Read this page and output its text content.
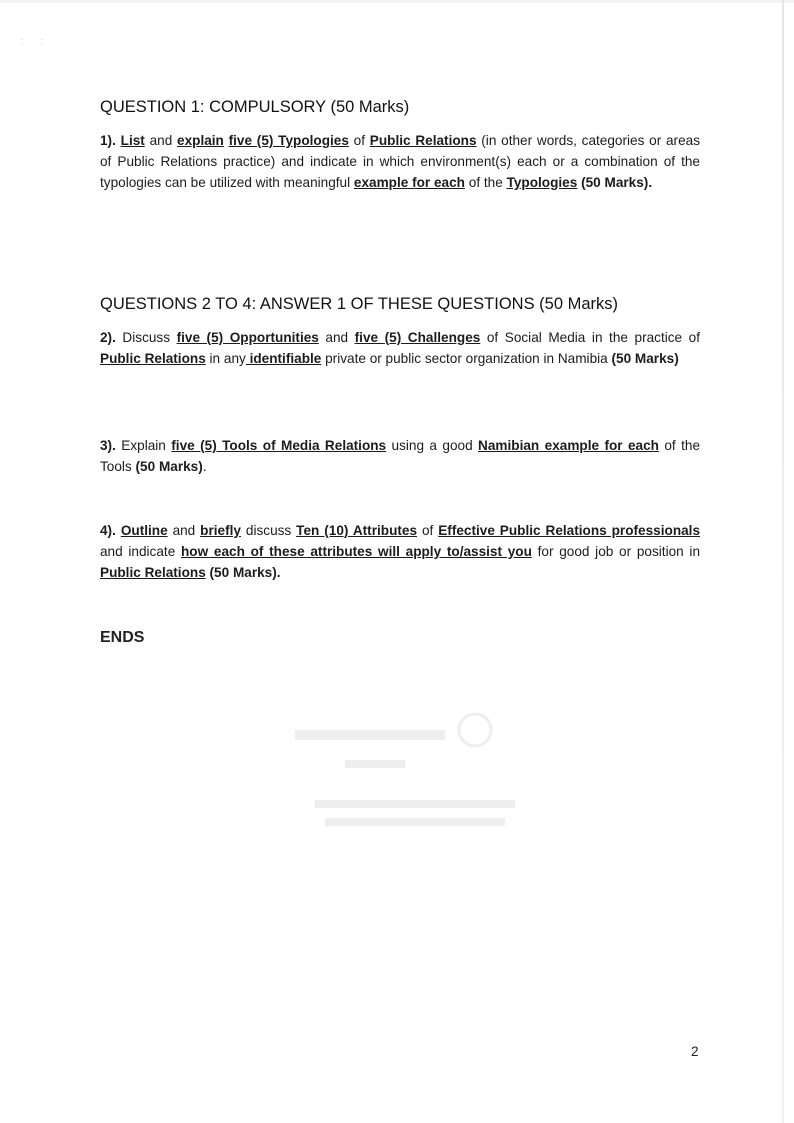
: :
QUESTION 1: COMPULSORY (50 Marks)

1). List and explain five (5) Typologies of Public Relations (in other words, categories or areas of Public Relations practice) and indicate in which environment(s) each or a combination of the typologies can be utilized with meaningful example for each of the Typologies (50 Marks).

QUESTIONS 2 TO 4: ANSWER 1 OF THESE QUESTIONS (50 Marks)

2). Discuss five (5) Opportunities and five (5) Challenges of Social Media in the practice of Public Relations in any identifiable private or public sector organization in Namibia (50 Marks)

3). Explain five (5) Tools of Media Relations using a good Namibian example for each of the Tools (50 Marks).

4). Outline and briefly discuss Ten (10) Attributes of Effective Public Relations professionals and indicate how each of these attributes will apply to/assist you for good job or position in Public Relations (50 Marks).

ENDS
2
